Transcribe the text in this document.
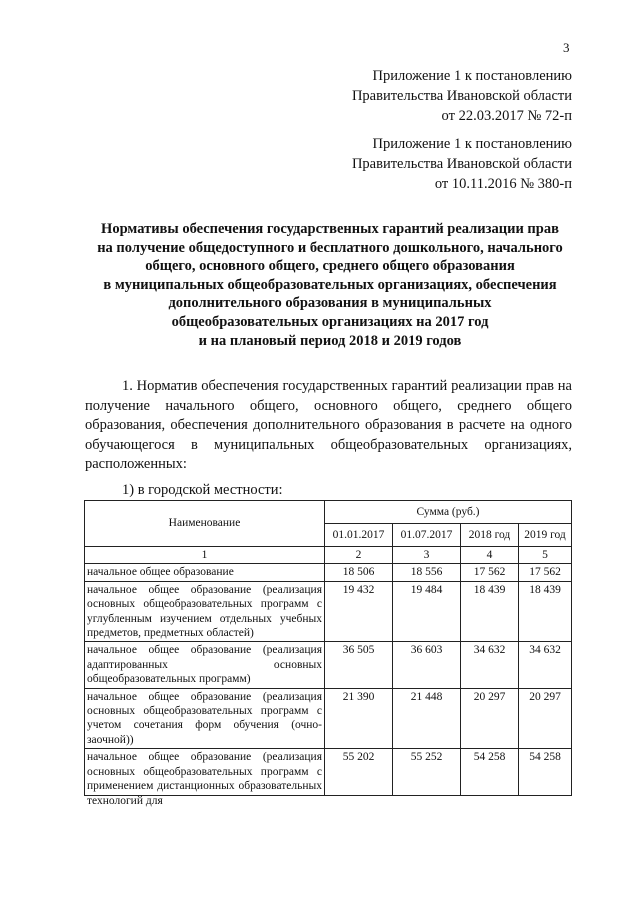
3
Приложение 1 к постановлению
Правительства Ивановской области
от 22.03.2017 № 72-п
Приложение 1 к постановлению
Правительства Ивановской области
от 10.11.2016 № 380-п
Нормативы обеспечения государственных гарантий реализации прав
на получение общедоступного и бесплатного дошкольного, начального
общего, основного общего, среднего общего образования
в муниципальных общеобразовательных организациях, обеспечения
дополнительного образования в муниципальных
общеобразовательных организациях на 2017 год
и на плановый период 2018 и 2019 годов
1. Норматив обеспечения государственных гарантий реализации прав на получение начального общего, основного общего, среднего общего образования, обеспечения дополнительного образования в расчете на одного обучающегося в муниципальных общеобразовательных организациях, расположенных:
1) в городской местности:
Наименование	Сумма (руб.)			
	01.01.2017	01.07.2017	2018 год	2019 год
1	2	3	4	5
начальное общее образование	18 506	18 556	17 562	17 562
начальное общее образование (реализация основных общеобразовательных программ с углубленным изучением отдельных учебных предметов, предметных областей)	19 432	19 484	18 439	18 439
начальное общее образование (реализация адаптированных основных общеобразовательных программ)	36 505	36 603	34 632	34 632
начальное общее образование (реализация основных общеобразовательных программ с учетом сочетания форм обучения (очно-заочной))	21 390	21 448	20 297	20 297

начальное общее образование (реализация основных общеобразовательных программ с применением дистанционных образовательных технологий для	55 202	55 252	54 258	54 258
